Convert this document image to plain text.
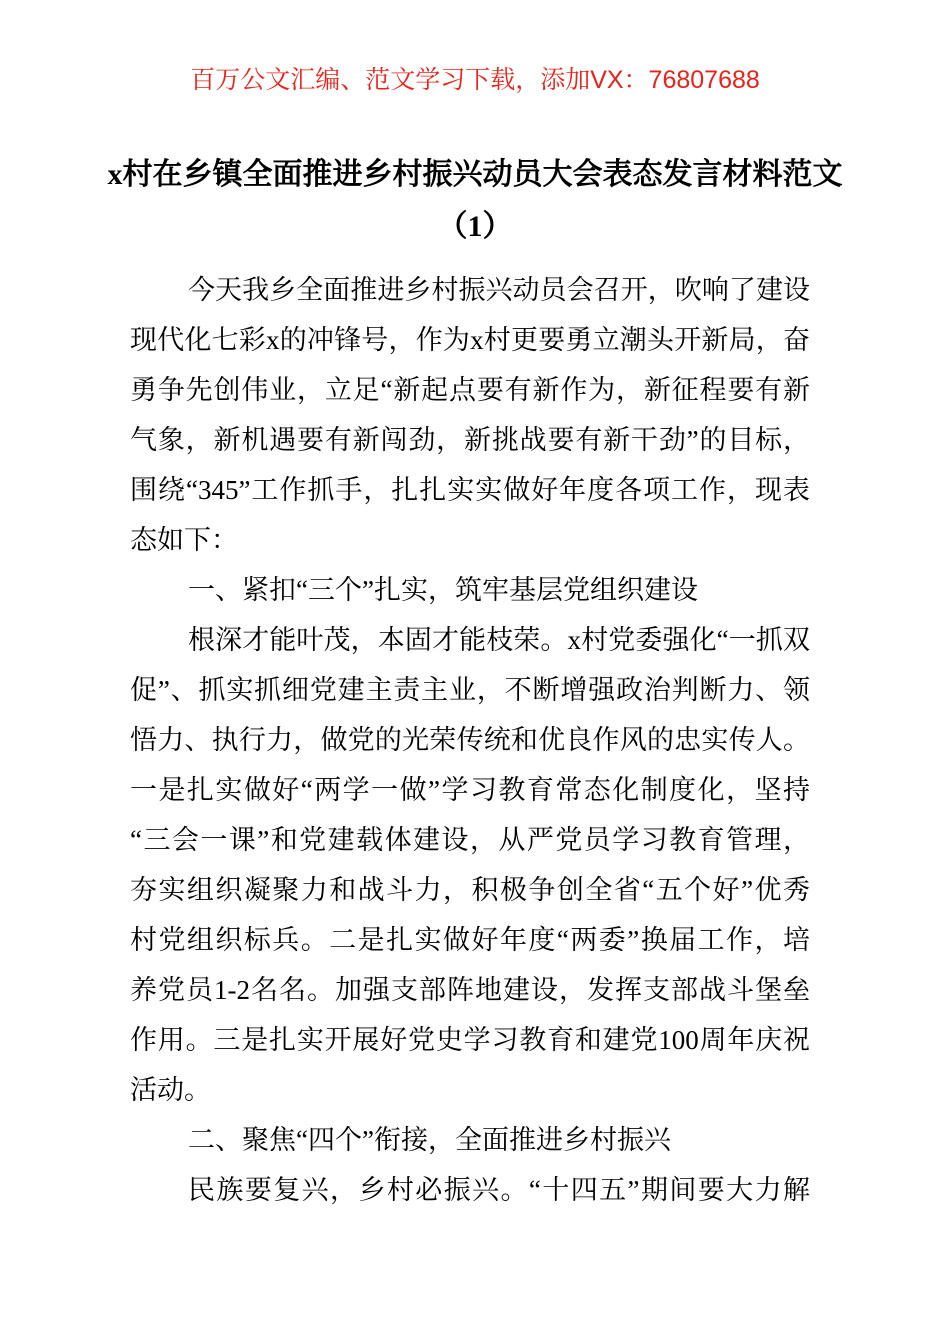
百万公文汇编、范文学习下载，添加VX：76807688
x村在乡镇全面推进乡村振兴动员大会表态发言材料范文
（1）
今天我乡全面推进乡村振兴动员会召开，吹响了建设
现代化七彩x的冲锋号，作为x村更要勇立潮头开新局，奋
勇争先创伟业，立足“新起点要有新作为，新征程要有新
气象，新机遇要有新闯劲，新挑战要有新干劲”的目标，
围绕“345”工作抓手，扎扎实实做好年度各项工作，现表
态如下：
一、紧扣“三个”扎实，筑牢基层党组织建设
根深才能叶茂，本固才能枝荣。x村党委强化“一抓双
促”、抓实抓细党建主责主业，不断增强政治判断力、领
悟力、执行力，做党的光荣传统和优良作风的忠实传人。
一是扎实做好“两学一做”学习教育常态化制度化，坚持
“三会一课”和党建载体建设，从严党员学习教育管理，
夯实组织凝聚力和战斗力，积极争创全省“五个好”优秀
村党组织标兵。二是扎实做好年度“两委”换届工作，培
养党员1-2名名。加强支部阵地建设，发挥支部战斗堡垒
作用。三是扎实开展好党史学习教育和建党100周年庆祝
活动。
二、聚焦“四个”衔接，全面推进乡村振兴
民族要复兴，乡村必振兴。“十四五”期间要大力解
